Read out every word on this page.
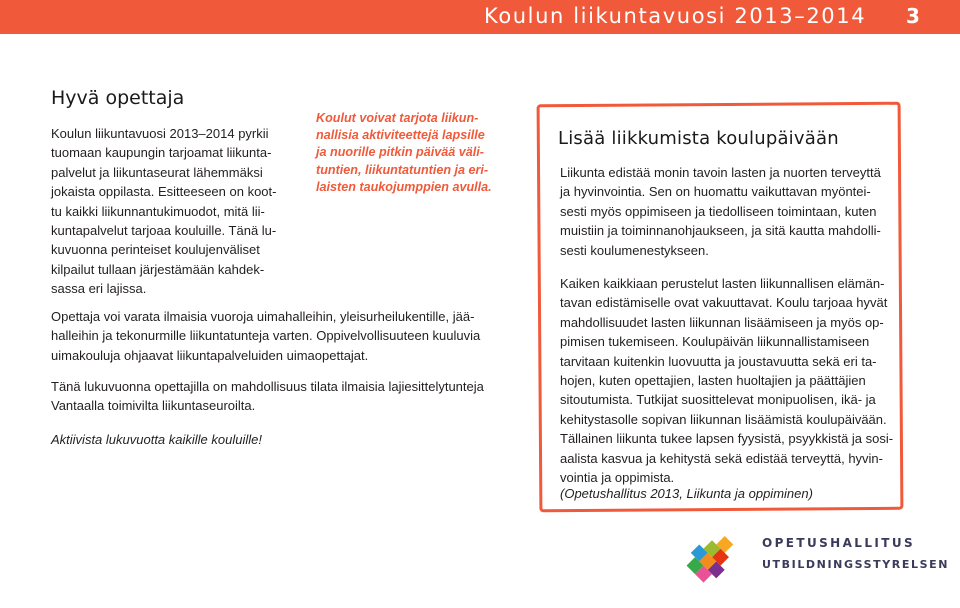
Koulun liikuntavuosi 2013–2014 3
Hyvä opettaja
Koulun liikuntavuosi 2013–2014 pyrkii
tuomaan kaupungin tarjoamat liikunta-
palvelut ja liikuntaseurat lähemmäksi
jokaista oppilasta. Esitteeseen on koot-
tu kaikki liikunnantukimuodot, mitä lii-
kuntapalvelut tarjoaa kouluille. Tänä lu-
kuvuonna perinteiset koulujenväliset
kilpailut tullaan järjestämään kahdek-
sassa eri lajissa.
Koulut voivat tarjota liikun-
nallisia aktiviteettejä lapsille
ja nuorille pitkin päivää väli-
tuntien, liikuntatuntien ja eri-
laisten taukojumppien avulla.
Opettaja voi varata ilmaisia vuoroja uimahalleihin, yleisurheilukentille, jää-
halleihin ja tekonurmille liikuntatunteja varten. Oppivelvollisuuteen kuuluvia
uimakouluja ohjaavat liikuntapalveluiden uimaopettajat.
Tänä lukuvuonna opettajilla on mahdollisuus tilata ilmaisia lajiesittelytunteja
Vantaalla toimivilta liikuntaseuroilta.

Aktiivista lukuvuotta kaikille kouluille!

Lisää liikkumista koulupäivään
Liikunta edistää monin tavoin lasten ja nuorten terveyttä
ja hyvinvointia. Sen on huomattu vaikuttavan myöntei-
sesti myös oppimiseen ja tiedolliseen toimintaan, kuten
muistiin ja toiminnanohjaukseen, ja sitä kautta mahdolli-
sesti koulumenestykseen.
Kaiken kaikkiaan perustelut lasten liikunnallisen elämän-
tavan edistämiselle ovat vakuuttavat. Koulu tarjoaa hyvät
mahdollisuudet lasten liikunnan lisäämiseen ja myös op-
pimisen tukemiseen. Koulupäivän liikunnallistamiseen
tarvitaan kuitenkin luovuutta ja joustavuutta sekä eri ta-
hojen, kuten opettajien, lasten huoltajien ja päättäjien
sitoutumista. Tutkijat suosittelevat monipuolisen, ikä- ja
kehitystasolle sopivan liikunnan lisäämistä koulupäivään.
Tällainen liikunta tukee lapsen fyysistä, psyykkistä ja sosi-
aalista kasvua ja kehitystä sekä edistää terveyttä, hyvin-
vointia ja oppimista.

(Opetushallitus 2013, Liikunta ja oppiminen)

OPETUSHALLITUS
UTBILDNINGSSTYRELSEN
